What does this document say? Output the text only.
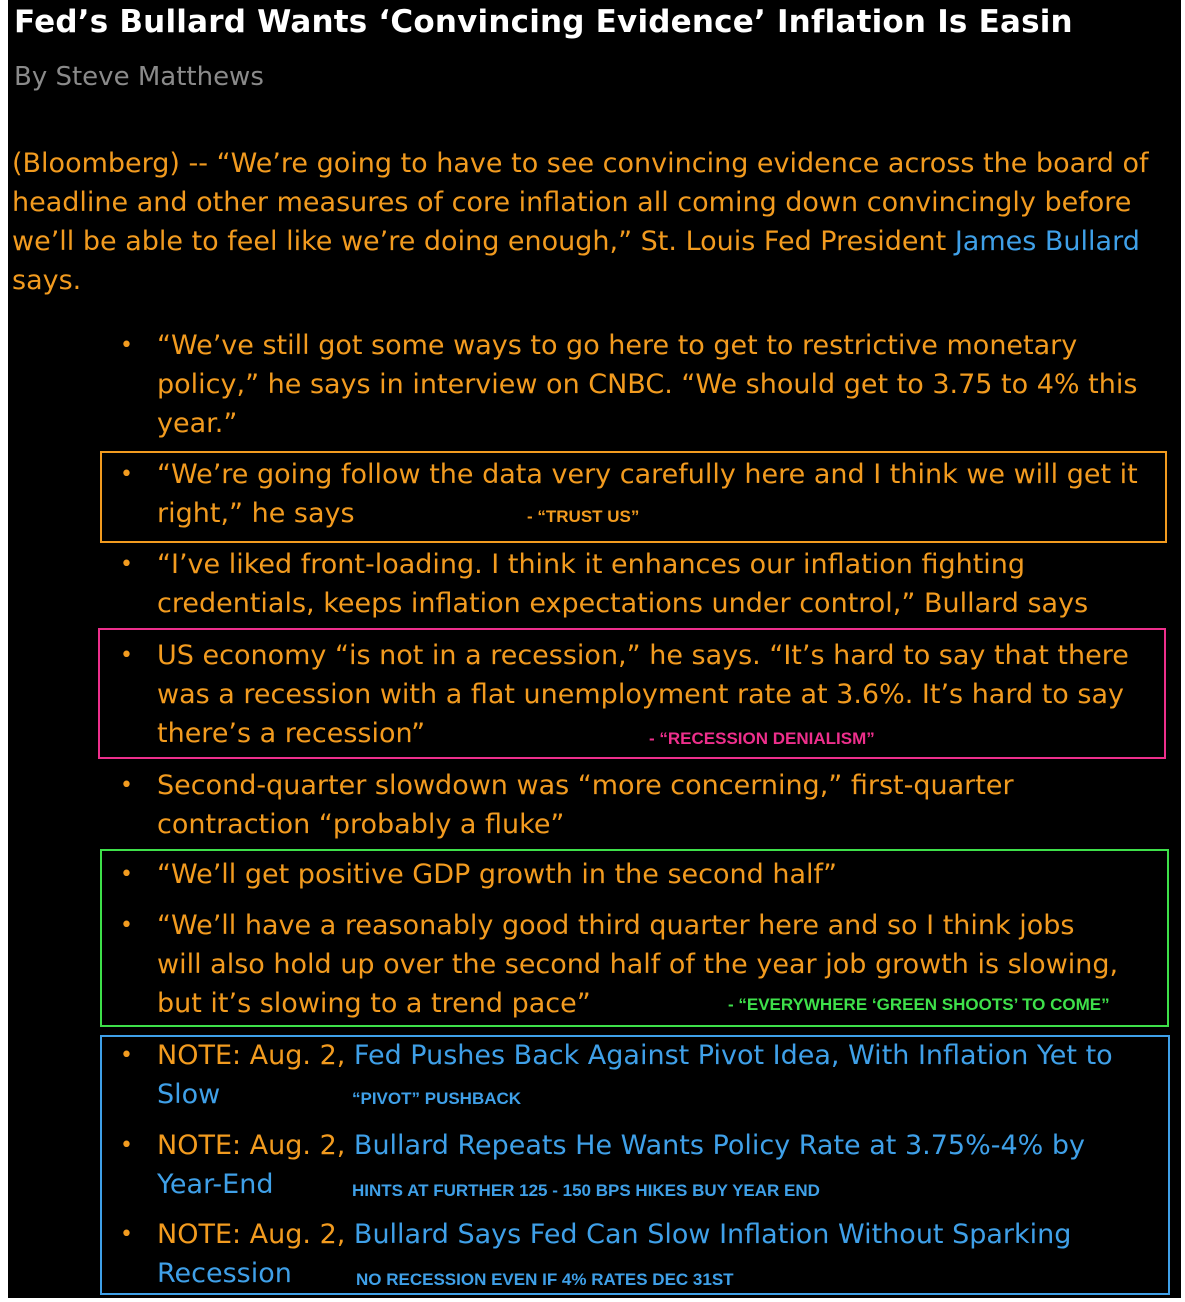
Fed’s Bullard Wants ‘Convincing Evidence’ Inflation Is Easin
By Steve Matthews
(Bloomberg) -- “We’re going to have to see convincing evidence across the board of headline and other measures of core inflation all coming down convincingly before we’ll be able to feel like we’re doing enough,” St. Louis Fed President James Bullard says.
• “We’ve still got some ways to go here to get to restrictive monetary policy,” he says in interview on CNBC. “We should get to 3.75 to 4% this year.”
• “We’re going follow the data very carefully here and I think we will get it right,” he says	- “TRUST US”
• “I’ve liked front-loading. I think it enhances our inflation fighting credentials, keeps inflation expectations under control,” Bullard says
• US economy “is not in a recession,” he says. “It’s hard to say that there was a recession with a flat unemployment rate at 3.6%. It’s hard to say there’s a recession”	- “RECESSION DENIALISM”
• Second-quarter slowdown was “more concerning,” first-quarter contraction “probably a fluke”
• “We’ll get positive GDP growth in the second half”
• “We’ll have a reasonably good third quarter here and so I think jobs will also hold up over the second half of the year job growth is slowing, but it’s slowing to a trend pace”	- “EVERYWHERE ‘GREEN SHOOTS’ TO COME”
• NOTE: Aug. 2, Fed Pushes Back Against Pivot Idea, With Inflation Yet to Slow	“PIVOT” PUSHBACK
• NOTE: Aug. 2, Bullard Repeats He Wants Policy Rate at 3.75%-4% by Year-End	HINTS AT FURTHER 125 - 150 BPS HIKES BUY YEAR END
• NOTE: Aug. 2, Bullard Says Fed Can Slow Inflation Without Sparking Recession	NO RECESSION EVEN IF 4% RATES DEC 31ST
